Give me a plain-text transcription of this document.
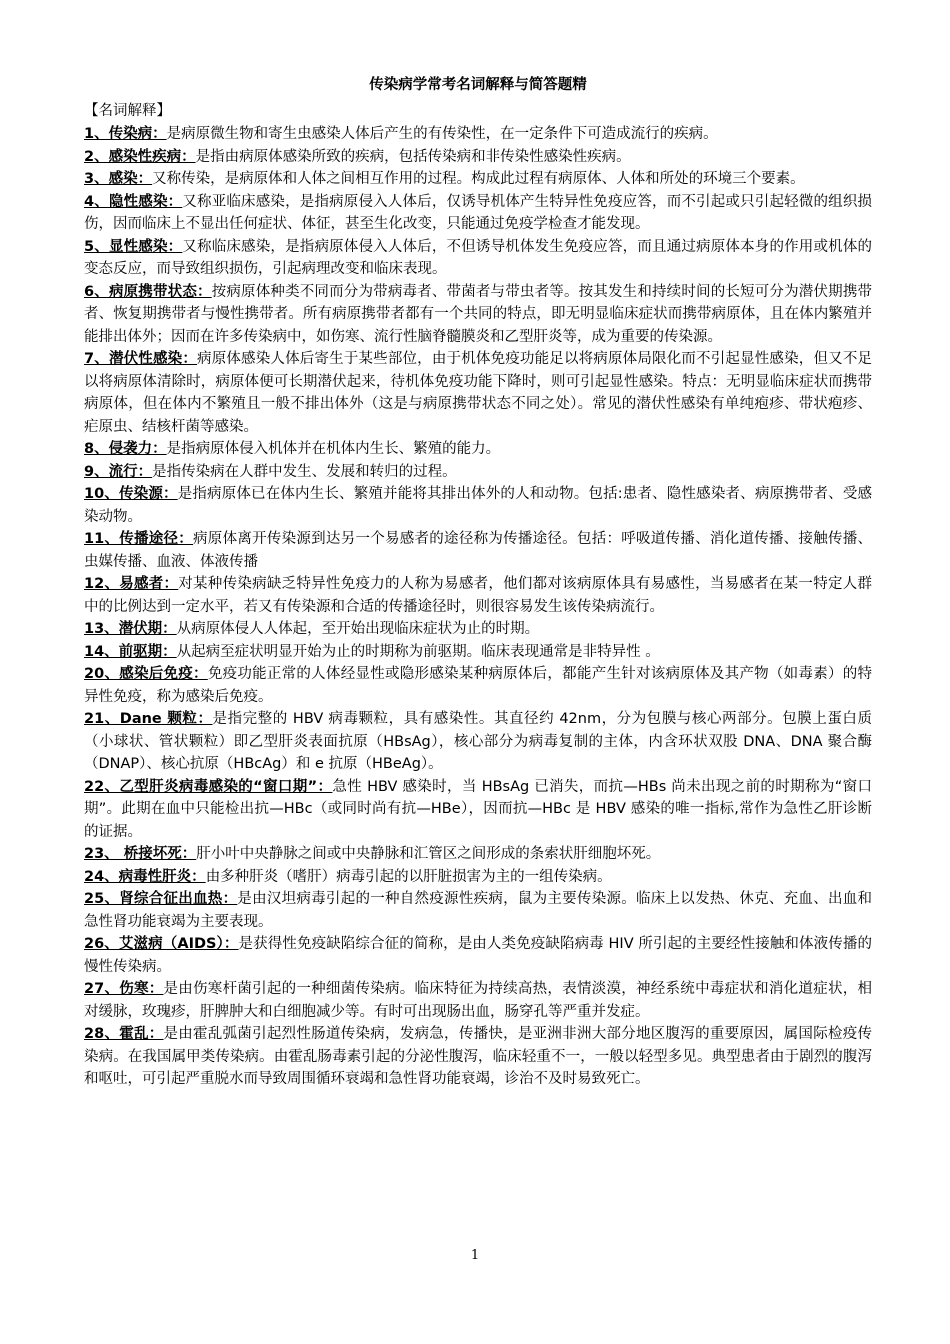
传染病学常考名词解释与简答题精
【名词解释】

1、传染病：是病原微生物和寄生虫感染人体后产生的有传染性，在一定条件下可造成流行的疾病。

2、感染性疾病：是指由病原体感染所致的疾病，包括传染病和非传染性感染性疾病。

3、感染：又称传染，是病原体和人体之间相互作用的过程。构成此过程有病原体、人体和所处的环境三个要素。

4、隐性感染：又称亚临床感染，是指病原侵入人体后，仅诱导机体产生特异性免疫应答，而不引起或只引起轻微的组织损伤，因而临床上不显出任何症状、体征，甚至生化改变，只能通过免疫学检查才能发现。

5、显性感染：又称临床感染，是指病原体侵入人体后，不但诱导机体发生免疫应答，而且通过病原体本身的作用或机体的变态反应，而导致组织损伤，引起病理改变和临床表现。

6、病原携带状态：按病原体种类不同而分为带病毒者、带菌者与带虫者等。按其发生和持续时间的长短可分为潜伏期携带者、恢复期携带者与慢性携带者。所有病原携带者都有一个共同的特点，即无明显临床症状而携带病原体，且在体内繁殖并能排出体外；因而在许多传染病中，如伤寒、流行性脑脊髓膜炎和乙型肝炎等，成为重要的传染源。

7、潜伏性感染：病原体感染人体后寄生于某些部位，由于机体免疫功能足以将病原体局限化而不引起显性感染，但又不足以将病原体清除时，病原体便可长期潜伏起来，待机体免疫功能下降时，则可引起显性感染。特点：无明显临床症状而携带病原体，但在体内不繁殖且一般不排出体外（这是与病原携带状态不同之处）。常见的潜伏性感染有单纯疱疹、带状疱疹、疟原虫、结核杆菌等感染。

8、侵袭力：是指病原体侵入机体并在机体内生长、繁殖的能力。

9、流行：是指传染病在人群中发生、发展和转归的过程。

10、传染源：是指病原体已在体内生长、繁殖并能将其排出体外的人和动物。包括:患者、隐性感染者、病原携带者、受感染动物。

11、传播途径：病原体离开传染源到达另一个易感者的途径称为传播途径。包括：呼吸道传播、消化道传播、接触传播、虫媒传播、血液、体液传播

12、易感者：对某种传染病缺乏特异性免疫力的人称为易感者，他们都对该病原体具有易感性，当易感者在某一特定人群中的比例达到一定水平，若又有传染源和合适的传播途径时，则很容易发生该传染病流行。

13、潜伏期：从病原体侵人人体起，至开始出现临床症状为止的时期。

14、前驱期：从起病至症状明显开始为止的时期称为前驱期。临床表现通常是非特异性 。

20、感染后免疫：免疫功能正常的人体经显性或隐形感染某种病原体后，都能产生针对该病原体及其产物（如毒素）的特异性免疫，称为感染后免疫。

21、Dane 颗粒：是指完整的 HBV 病毒颗粒，具有感染性。其直径约 42nm，分为包膜与核心两部分。包膜上蛋白质（小球状、管状颗粒）即乙型肝炎表面抗原（HBsAg），核心部分为病毒复制的主体，内含环状双股 DNA、DNA 聚合酶（DNAP）、核心抗原（HBcAg）和 e 抗原（HBeAg）。

22、乙型肝炎病毒感染的“窗口期”：急性 HBV 感染时，当 HBsAg 已消失，而抗—HBs 尚未出现之前的时期称为“窗口期”。此期在血中只能检出抗—HBc（或同时尚有抗—HBe），因而抗—HBc 是 HBV 感染的唯一指标,常作为急性乙肝诊断的证据。

23、 桥接坏死：肝小叶中央静脉之间或中央静脉和汇管区之间形成的条索状肝细胞坏死。

24、病毒性肝炎：由多种肝炎（嗜肝）病毒引起的以肝脏损害为主的一组传染病。

25、肾综合征出血热：是由汉坦病毒引起的一种自然疫源性疾病，鼠为主要传染源。临床上以发热、休克、充血、出血和急性肾功能衰竭为主要表现。

26、艾滋病（AIDS）：是获得性免疫缺陷综合征的简称，是由人类免疫缺陷病毒 HIV 所引起的主要经性接触和体液传播的慢性传染病。

27、伤寒：是由伤寒杆菌引起的一种细菌传染病。临床特征为持续高热，表情淡漠，神经系统中毒症状和消化道症状，相对缓脉，玫瑰疹，肝脾肿大和白细胞减少等。有时可出现肠出血，肠穿孔等严重并发症。

28、霍乱：是由霍乱弧菌引起烈性肠道传染病，发病急，传播快，是亚洲非洲大部分地区腹泻的重要原因，属国际检疫传染病。在我国属甲类传染病。由霍乱肠毒素引起的分泌性腹泻，临床轻重不一，一般以轻型多见。典型患者由于剧烈的腹泻和呕吐，可引起严重脱水而导致周围循环衰竭和急性肾功能衰竭，诊治不及时易致死亡。

1
